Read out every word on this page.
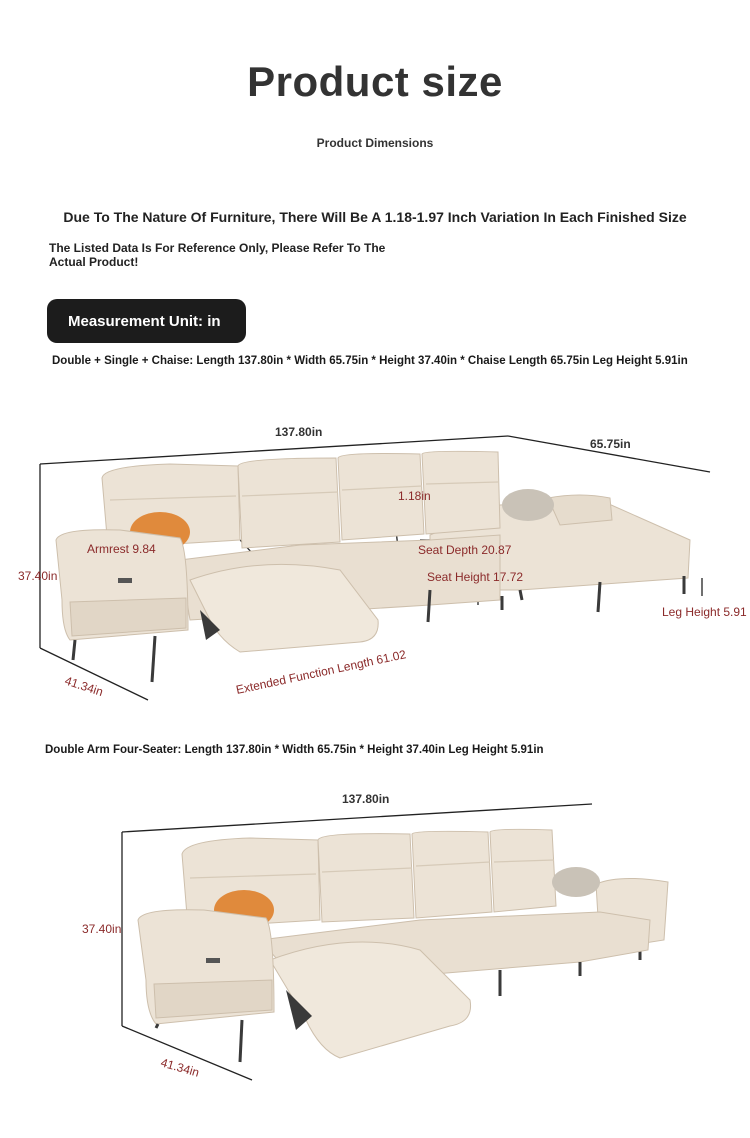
Product size
Product Dimensions
Due To The Nature Of Furniture, There Will Be A 1.18-1.97 Inch Variation In Each Finished Size
The Listed Data Is For Reference Only, Please Refer To The Actual Product!
Measurement Unit: in
Double + Single + Chaise: Length 137.80in * Width 65.75in * Height 37.40in * Chaise Length 65.75in Leg Height 5.91in
137.80in
65.75in
37.40in
41.34in
1.18in
Armrest 9.84	Seat Depth 20.87
Seat Height 17.72
Leg Height 5.91
Extended Function Length 61.02
Double Arm Four-Seater: Length 137.80in * Width 65.75in * Height 37.40in Leg Height 5.91in
137.80in
37.40in
41.34in
